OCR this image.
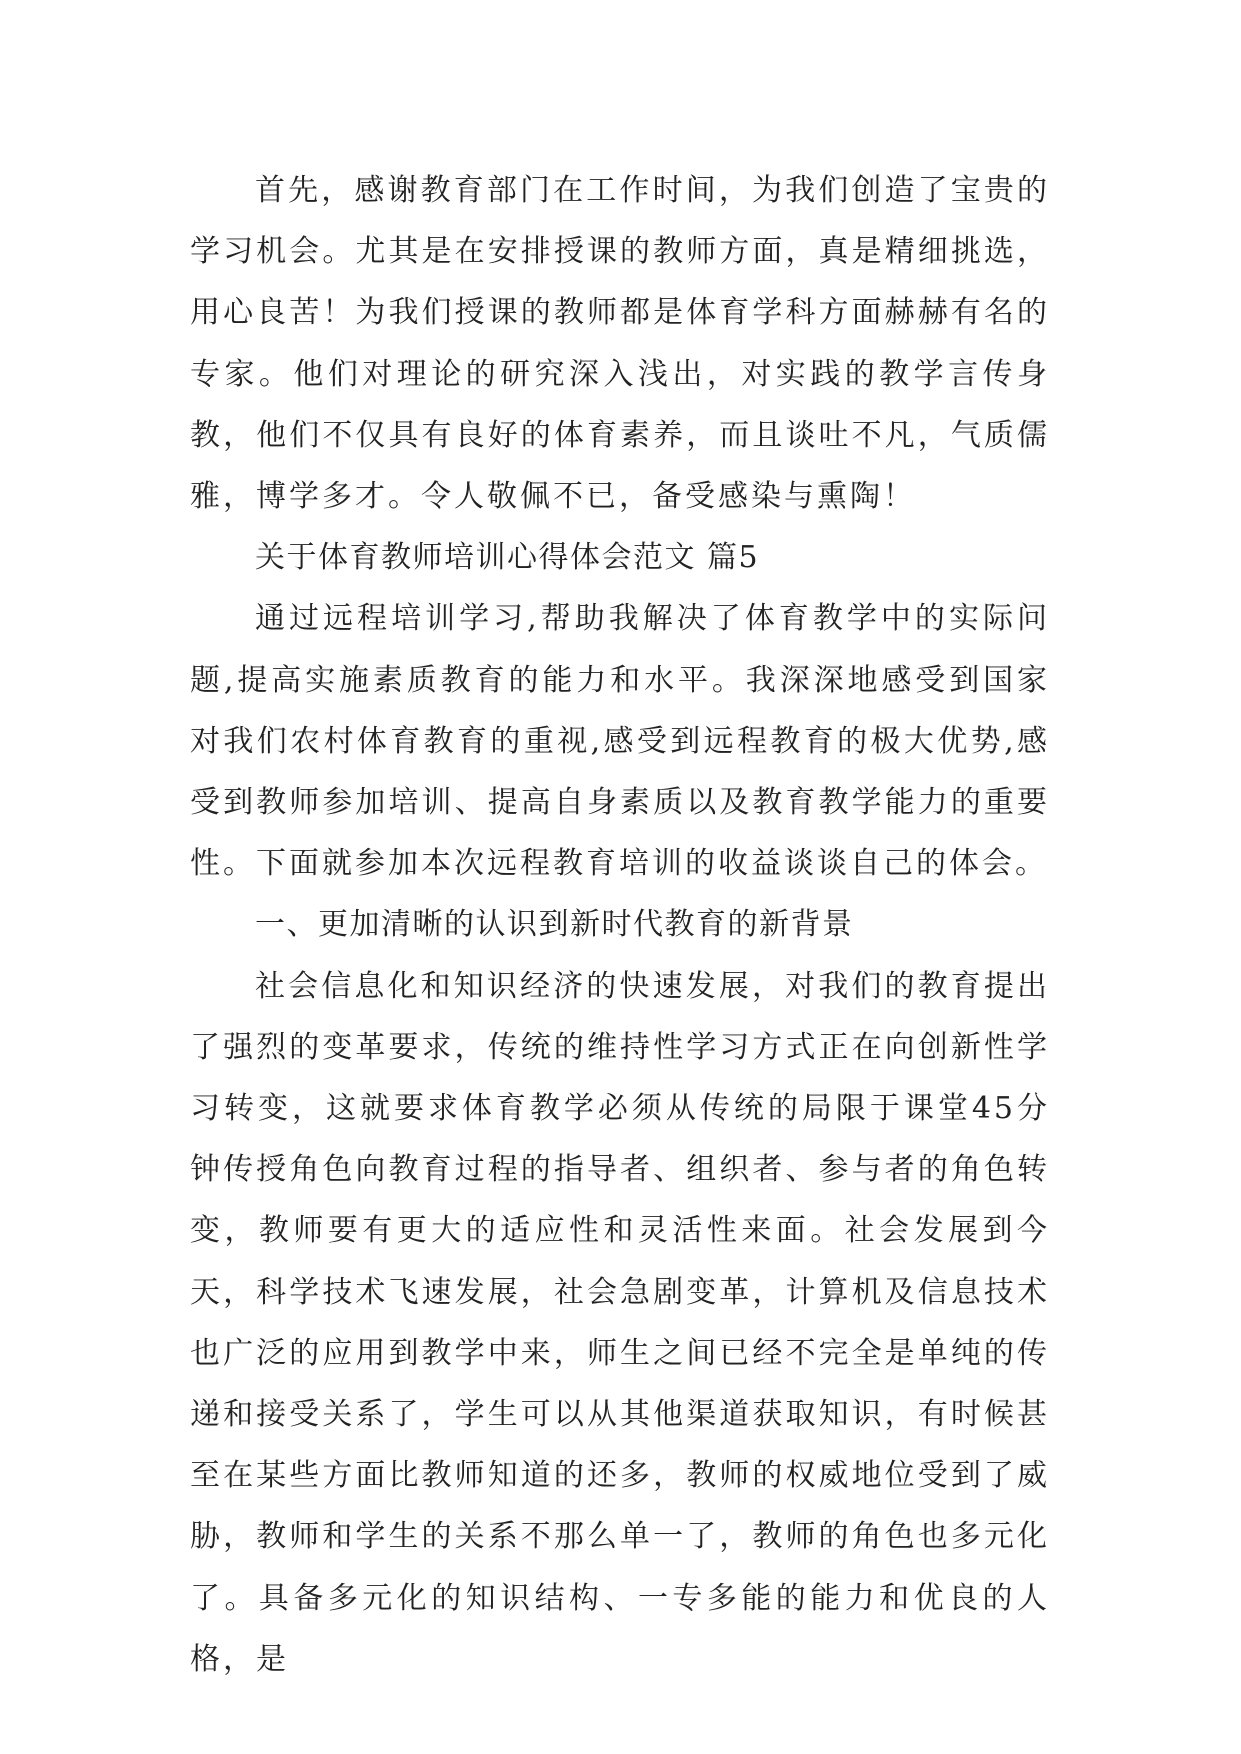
首先，感谢教育部门在工作时间，为我们创造了宝贵的学习机会。尤其是在安排授课的教师方面，真是精细挑选，用心良苦！为我们授课的教师都是体育学科方面赫赫有名的专家。他们对理论的研究深入浅出，对实践的教学言传身教，他们不仅具有良好的体育素养，而且谈吐不凡，气质儒雅，博学多才。令人敬佩不已，备受感染与熏陶！

关于体育教师培训心得体会范文 篇5

通过远程培训学习,帮助我解决了体育教学中的实际问题,提高实施素质教育的能力和水平。我深深地感受到国家对我们农村体育教育的重视,感受到远程教育的极大优势,感受到教师参加培训、提高自身素质以及教育教学能力的重要性。下面就参加本次远程教育培训的收益谈谈自己的体会。

一、更加清晰的认识到新时代教育的新背景

社会信息化和知识经济的快速发展，对我们的教育提出了强烈的变革要求，传统的维持性学习方式正在向创新性学习转变，这就要求体育教学必须从传统的局限于课堂45分钟传授角色向教育过程的指导者、组织者、参与者的角色转变，教师要有更大的适应性和灵活性来面。社会发展到今天，科学技术飞速发展，社会急剧变革，计算机及信息技术也广泛的应用到教学中来，师生之间已经不完全是单纯的传递和接受关系了，学生可以从其他渠道获取知识，有时候甚至在某些方面比教师知道的还多，教师的权威地位受到了威胁，教师和学生的关系不那么单一了，教师的角色也多元化了。具备多元化的知识结构、一专多能的能力和优良的人格，是
